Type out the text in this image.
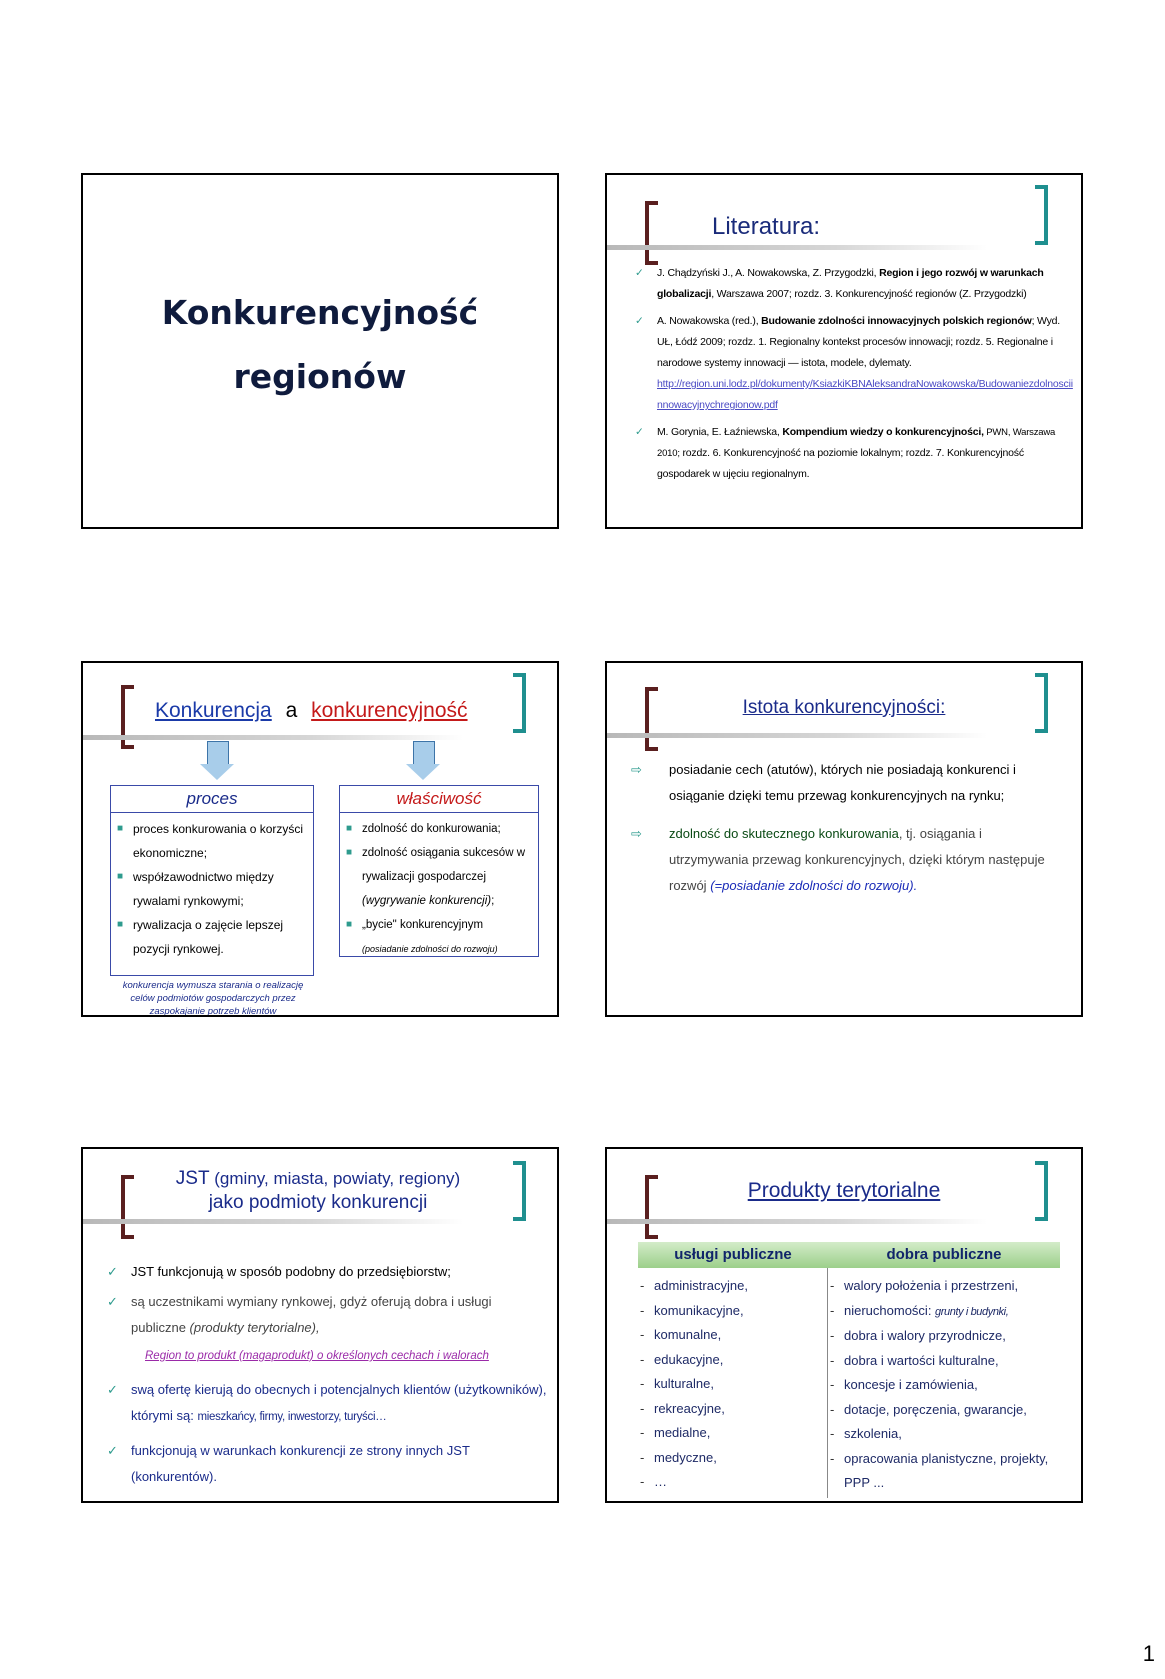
Konkurencyjność
regionów
Literatura:
✓ J. Chądzyński J., A. Nowakowska, Z. Przygodzki, Region i jego rozwój w warunkach globalizacji, Warszawa 2007; rozdz. 3. Konkurencyjność regionów (Z. Przygodzki)
✓ A. Nowakowska (red.), Budowanie zdolności innowacyjnych polskich regionów; Wyd. UŁ, Łódź 2009; rozdz. 1. Regionalny kontekst procesów innowacji; rozdz. 5. Regionalne i narodowe systemy innowacji — istota, modele, dylematy.
http://region.uni.lodz.pl/dokumenty/KsiazkiKBNAleksandraNowakowska/Budowaniezdolnosciinnowacyjnychregionow.pdf
✓ M. Gorynia, E. Łaźniewska, Kompendium wiedzy o konkurencyjności, PWN, Warszawa 2010; rozdz. 6. Konkurencyjność na poziomie lokalnym; rozdz. 7. Konkurencyjność gospodarek w ujęciu regionalnym.
Konkurencja a konkurencyjność
proces
■ proces konkurowania o korzyści ekonomiczne;
■ współzawodnictwo między rywalami rynkowymi;
■ rywalizacja o zajęcie lepszej pozycji rynkowej.
właściwość
■ zdolność do konkurowania;
■ zdolność osiągania sukcesów w rywalizacji gospodarczej (wygrywanie konkurencji);
■ „bycie" konkurencyjnym
(posiadanie zdolności do rozwoju)
konkurencja wymusza starania o realizację celów podmiotów gospodarczych przez zaspokajanie potrzeb klientów
Istota konkurencyjności:
⇨ posiadanie cech (atutów), których nie posiadają konkurenci i osiąganie dzięki temu przewag konkurencyjnych na rynku;
⇨ zdolność do skutecznego konkurowania, tj. osiągania i utrzymywania przewag konkurencyjnych, dzięki którym następuje rozwój (=posiadanie zdolności do rozwoju).
JST (gminy, miasta, powiaty, regiony)
jako podmioty konkurencji
✓ JST funkcjonują w sposób podobny do przedsiębiorstw;
✓ są uczestnikami wymiany rynkowej, gdyż oferują dobra i usługi publiczne (produkty terytorialne),
Region to produkt (magaprodukt) o określonych cechach i walorach
✓ swą ofertę kierują do obecnych i potencjalnych klientów (użytkowników), którymi są: mieszkańcy, firmy, inwestorzy, turyści…
✓ funkcjonują w warunkach konkurencji ze strony innych JST (konkurentów).
Produkty terytorialne
usługi publiczne	dobra publiczne
- administracyjne,
- komunikacyjne,
- komunalne,
- edukacyjne,
- kulturalne,
- rekreacyjne,
- medialne,
- medyczne,
- …
- walory położenia i przestrzeni,
- nieruchomości: grunty i budynki,
- dobra i walory przyrodnicze,
- dobra i wartości kulturalne,
- koncesje i zamówienia,
- dotacje, poręczenia, gwarancje,
- szkolenia,
- opracowania planistyczne, projekty, PPP ...
1
